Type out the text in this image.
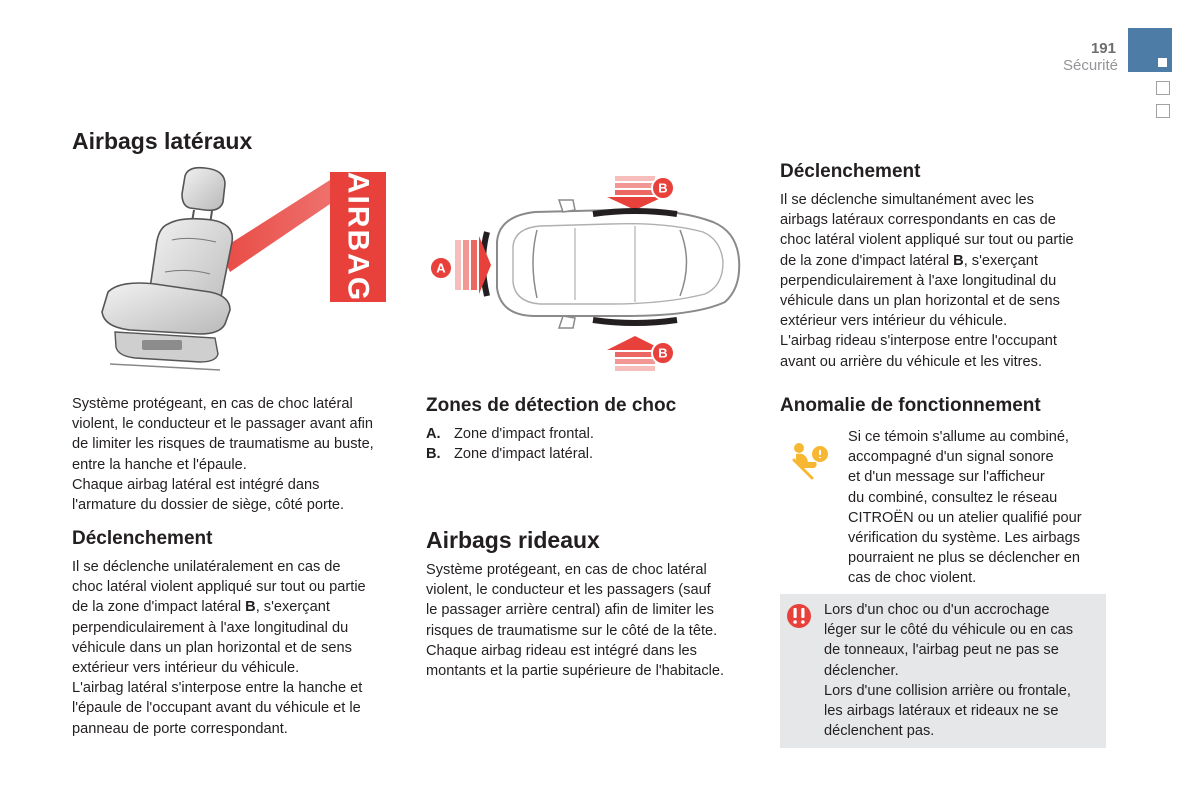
191
Sécurité
Airbags latéraux
AIRBAG
Système protégeant, en cas de choc latéral
violent, le conducteur et le passager avant afin
de limiter les risques de traumatisme au buste,
entre la hanche et l'épaule.
Chaque airbag latéral est intégré dans
l'armature du dossier de siège, côté porte.
Déclenchement
Il se déclenche unilatéralement en cas de
choc latéral violent appliqué sur tout ou partie
de la zone d'impact latéral B, s'exerçant
perpendiculairement à l'axe longitudinal du
véhicule dans un plan horizontal et de sens
extérieur vers intérieur du véhicule.
L'airbag latéral s'interpose entre la hanche et
l'épaule de l'occupant avant du véhicule et le
panneau de porte correspondant.
A
B
B
Zones de détection de choc
A. Zone d'impact frontal.
B. Zone d'impact latéral.
Airbags rideaux
Système protégeant, en cas de choc latéral
violent, le conducteur et les passagers (sauf
le passager arrière central) afin de limiter les
risques de traumatisme sur le côté de la tête.
Chaque airbag rideau est intégré dans les
montants et la partie supérieure de l'habitacle.
Déclenchement
Il se déclenche simultanément avec les
airbags latéraux correspondants en cas de
choc latéral violent appliqué sur tout ou partie
de la zone d'impact latéral B, s'exerçant
perpendiculairement à l'axe longitudinal du
véhicule dans un plan horizontal et de sens
extérieur vers intérieur du véhicule.
L'airbag rideau s'interpose entre l'occupant
avant ou arrière du véhicule et les vitres.
Anomalie de fonctionnement
Si ce témoin s'allume au combiné,
accompagné d'un signal sonore
et d'un message sur l'afficheur
du combiné, consultez le réseau
CITROËN ou un atelier qualifié pour
vérification du système. Les airbags
pourraient ne plus se déclencher en
cas de choc violent.
Lors d'un choc ou d'un accrochage
léger sur le côté du véhicule ou en cas
de tonneaux, l'airbag peut ne pas se
déclencher.
Lors d'une collision arrière ou frontale,
les airbags latéraux et rideaux ne se
déclenchent pas.
